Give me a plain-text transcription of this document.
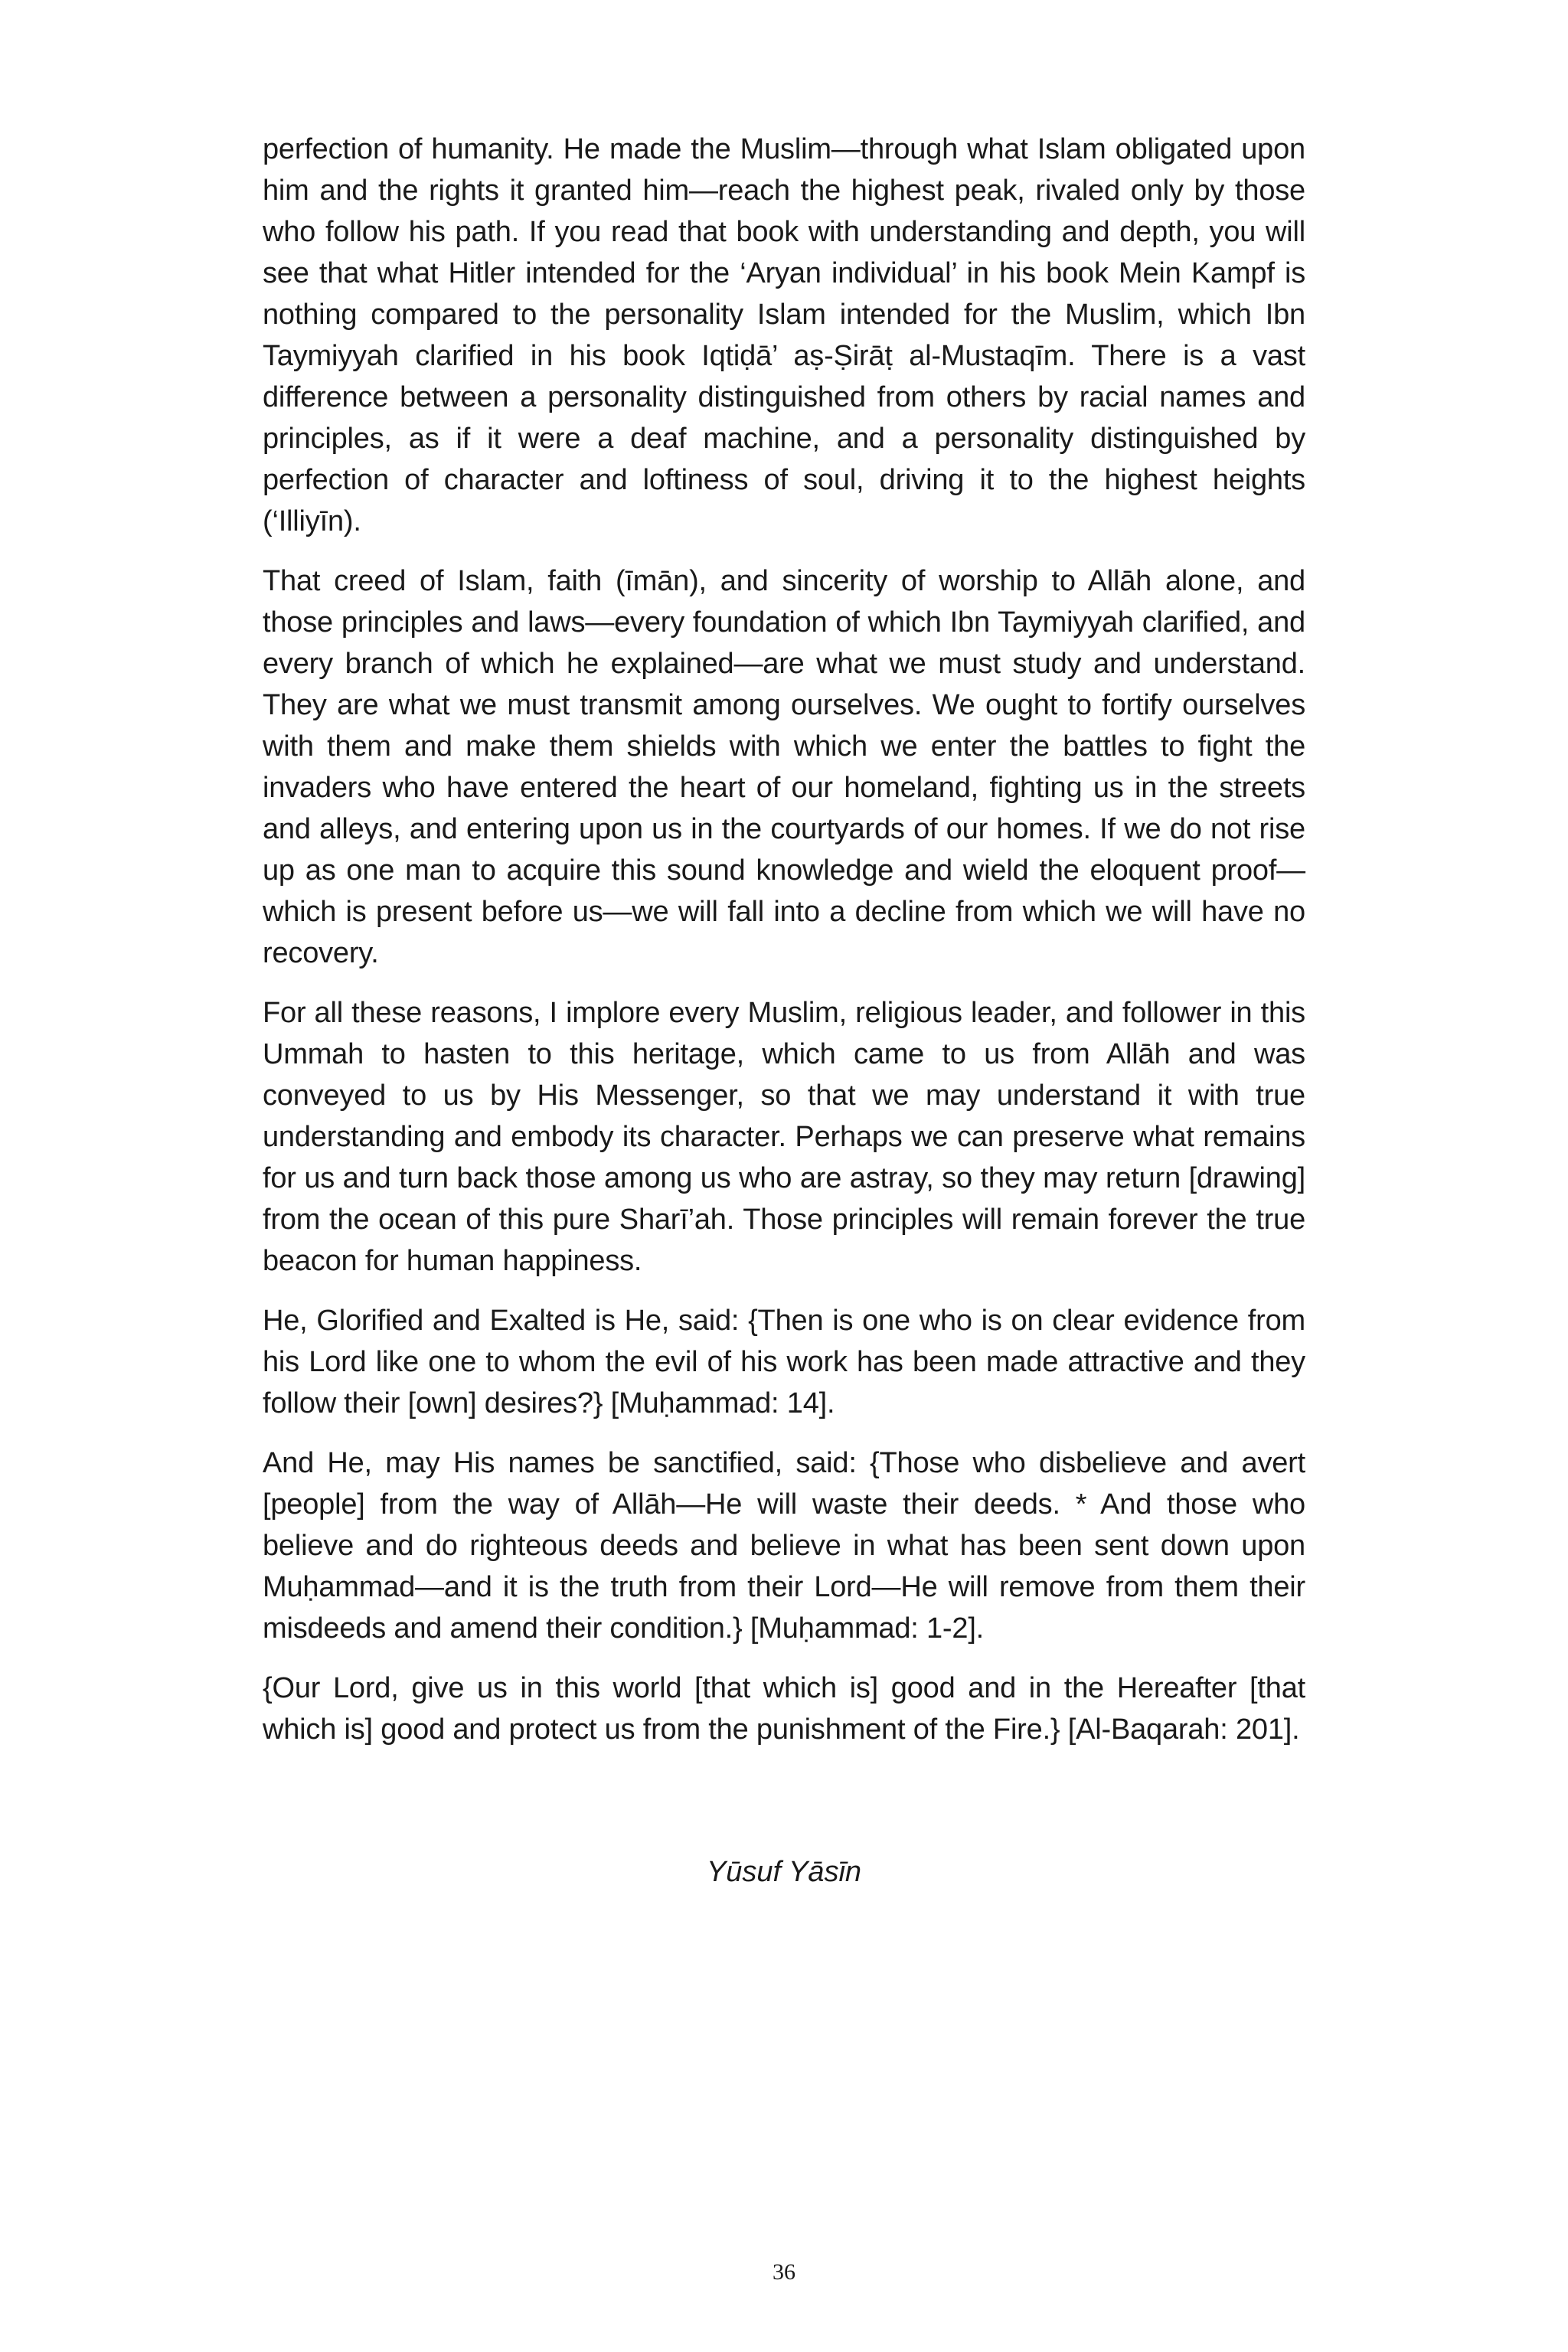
perfection of humanity. He made the Muslim—through what Islam obligated upon him and the rights it granted him—reach the highest peak, rivaled only by those who follow his path. If you read that book with understanding and depth, you will see that what Hitler intended for the ‘Aryan individual’ in his book Mein Kampf is nothing compared to the personality Islam intended for the Muslim, which Ibn Taymiyyah clarified in his book Iqtiḍā’ aṣ-Ṣirāṭ al-Mustaqīm. There is a vast difference between a personality distinguished from others by racial names and principles, as if it were a deaf machine, and a personality distinguished by perfection of character and loftiness of soul, driving it to the highest heights (‘Illiyīn).

That creed of Islam, faith (īmān), and sincerity of worship to Allāh alone, and those principles and laws—every foundation of which Ibn Taymiyyah clarified, and every branch of which he explained—are what we must study and understand. They are what we must transmit among ourselves. We ought to fortify ourselves with them and make them shields with which we enter the battles to fight the invaders who have entered the heart of our homeland, fighting us in the streets and alleys, and entering upon us in the courtyards of our homes. If we do not rise up as one man to acquire this sound knowledge and wield the eloquent proof—which is present before us—we will fall into a decline from which we will have no recovery.

For all these reasons, I implore every Muslim, religious leader, and follower in this Ummah to hasten to this heritage, which came to us from Allāh and was conveyed to us by His Messenger, so that we may understand it with true understanding and embody its character. Perhaps we can preserve what remains for us and turn back those among us who are astray, so they may return [drawing] from the ocean of this pure Sharī’ah. Those principles will remain forever the true beacon for human happiness.

He, Glorified and Exalted is He, said: {Then is one who is on clear evidence from his Lord like one to whom the evil of his work has been made attractive and they follow their [own] desires?} [Muḥammad: 14].

And He, may His names be sanctified, said: {Those who disbelieve and avert [people] from the way of Allāh—He will waste their deeds. * And those who believe and do righteous deeds and believe in what has been sent down upon Muḥammad—and it is the truth from their Lord—He will remove from them their misdeeds and amend their condition.} [Muḥammad: 1-2].

{Our Lord, give us in this world [that which is] good and in the Hereafter [that which is] good and protect us from the punishment of the Fire.} [Al-Baqarah: 201].

Yūsuf Yāsīn
36
